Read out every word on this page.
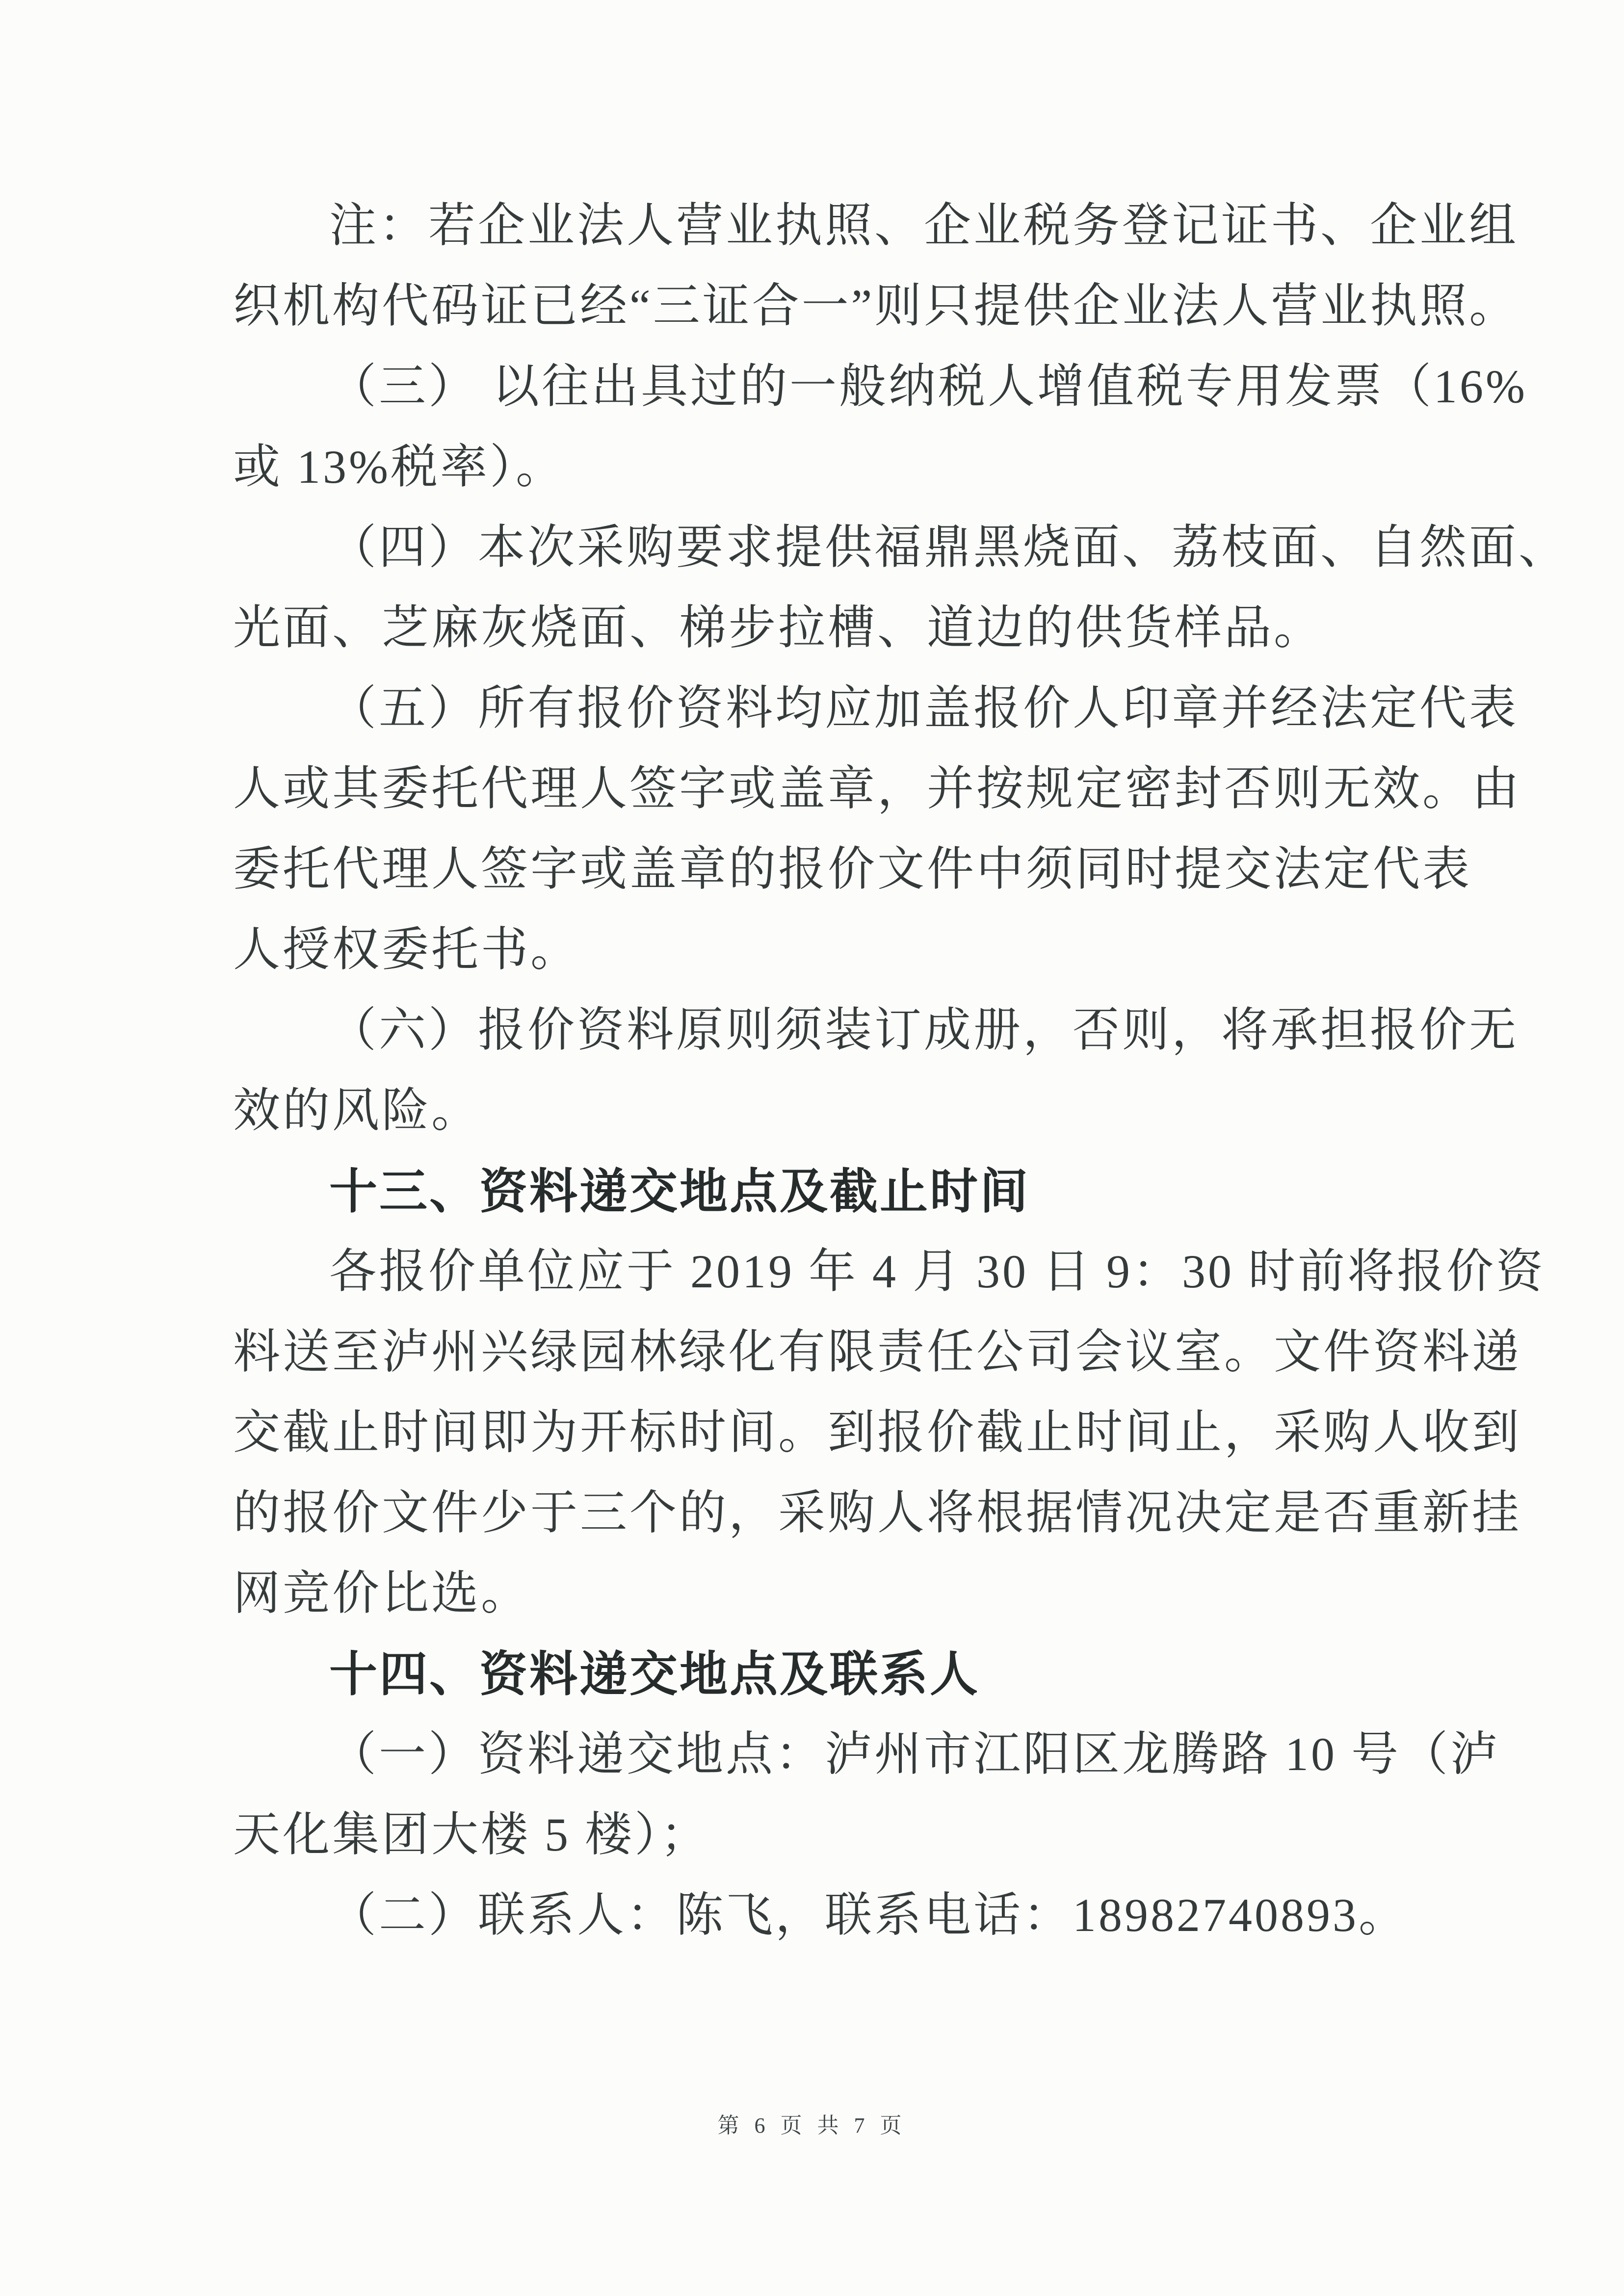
注：若企业法人营业执照、企业税务登记证书、企业组
织机构代码证已经“三证合一”则只提供企业法人营业执照。
（三） 以往出具过的一般纳税人增值税专用发票（16%
或 13%税率）。
（四）本次采购要求提供福鼎黑烧面、荔枝面、自然面、
光面、芝麻灰烧面、梯步拉槽、道边的供货样品。
（五）所有报价资料均应加盖报价人印章并经法定代表
人或其委托代理人签字或盖章，并按规定密封否则无效。由
委托代理人签字或盖章的报价文件中须同时提交法定代表
人授权委托书。
（六）报价资料原则须装订成册，否则，将承担报价无
效的风险。
十三、资料递交地点及截止时间
各报价单位应于 2019 年 4 月 30 日 9：30 时前将报价资
料送至泸州兴绿园林绿化有限责任公司会议室。文件资料递
交截止时间即为开标时间。到报价截止时间止，采购人收到
的报价文件少于三个的，采购人将根据情况决定是否重新挂
网竞价比选。
十四、资料递交地点及联系人
（一）资料递交地点：泸州市江阳区龙腾路 10 号（泸
天化集团大楼 5 楼）；
（二）联系人：陈飞，联系电话：18982740893。
第 6 页 共 7 页
